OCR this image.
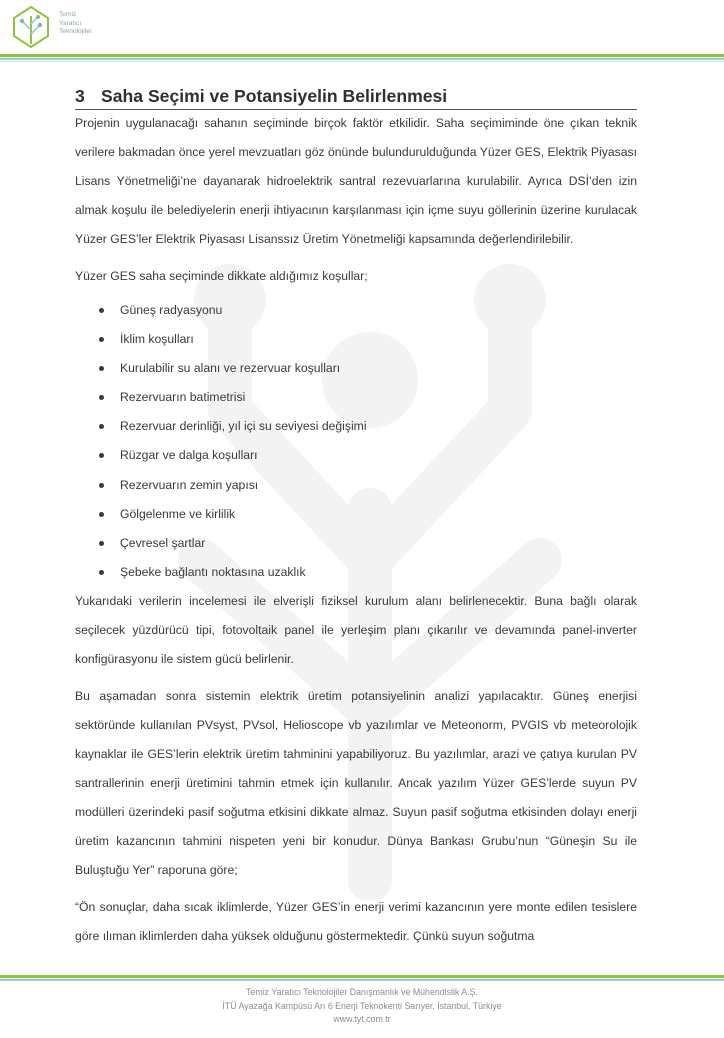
Temiz
Yaratıcı
Teknolojiler
3 Saha Seçimi ve Potansiyelin Belirlenmesi

Projenin uygulanacağı sahanın seçiminde birçok faktör etkilidir. Saha seçimiminde öne çıkan teknik verilere bakmadan önce yerel mevzuatları göz önünde bulundurulduğunda Yüzer GES, Elektrik Piyasası Lisans Yönetmeliği’ne dayanarak hidroelektrik santral rezevuarlarına kurulabilir. Ayrıca DSİ’den izin almak koşulu ile belediyelerin enerji ihtiyacının karşılanması için içme suyu göllerinin üzerine kurulacak Yüzer GES’ler Elektrik Piyasası Lisanssız Üretim Yönetmeliği kapsamında değerlendirilebilir.

Yüzer GES saha seçiminde dikkate aldığımız koşullar;

Güneş radyasyonu
İklim koşulları
Kurulabilir su alanı ve rezervuar koşulları
Rezervuarın batimetrisi
Rezervuar derinliği, yıl içi su seviyesi değişimi
Rüzgar ve dalga koşulları
Rezervuarın zemin yapısı
Gölgelenme ve kirlilik
Çevresel şartlar
Şebeke bağlantı noktasına uzaklık

Yukarıdaki verilerin incelemesi ile elverişli fiziksel kurulum alanı belirlenecektir. Buna bağlı olarak seçilecek yüzdürücü tipi, fotovoltaik panel ile yerleşim planı çıkarılır ve devamında panel-inverter konfigürasyonu ile sistem gücü belirlenir.

Bu aşamadan sonra sistemin elektrik üretim potansiyelinin analizi yapılacaktır. Güneş enerjisi sektöründe kullanılan PVsyst, PVsol, Helioscope vb yazılımlar ve Meteonorm, PVGIS vb meteorolojik kaynaklar ile GES’lerin elektrik üretim tahminini yapabiliyoruz. Bu yazılımlar, arazi ve çatıya kurulan PV santrallerinin enerji üretimini tahmin etmek için kullanılır. Ancak yazılım Yüzer GES’lerde suyun PV modülleri üzerindeki pasif soğutma etkisini dikkate almaz. Suyun pasif soğutma etkisinden dolayı enerji üretim kazancının tahmini nispeten yeni bir konudur. Dünya Bankası Grubu’nun “Güneşin Su ile Buluştuğu Yer” raporuna göre;

“Ön sonuçlar, daha sıcak iklimlerde, Yüzer GES’in enerji verimi kazancının yere monte edilen tesislere göre ılıman iklimlerden daha yüksek olduğunu göstermektedir. Çünkü suyun soğutma

Temiz Yaratıcı Teknolojiler Danışmanlık ve Mühendislik A.Ş.
İTÜ Ayazağa Kampüsü Arı 6 Enerji Teknokenti Sarıyer, İstanbul, Türkiye
www.tyt.com.tr
